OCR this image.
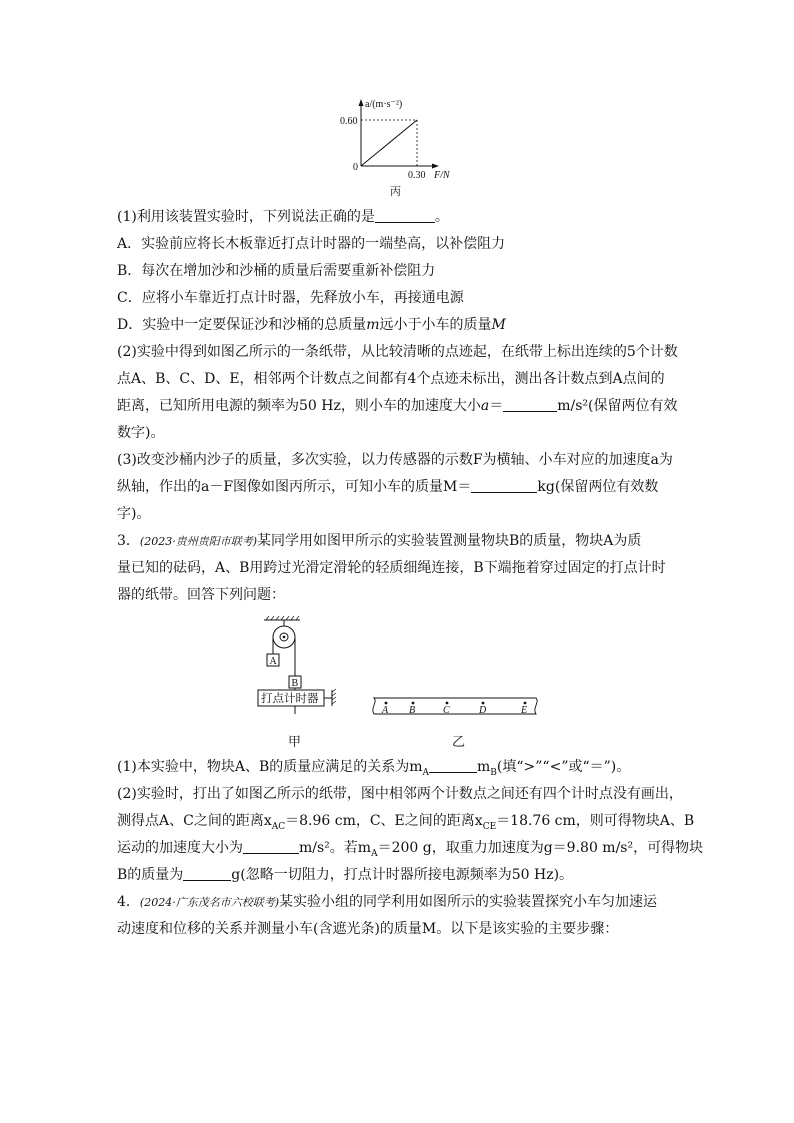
a/(m·s⁻²)
0.60
0
0.30 F/N
丙
(1)利用该装置实验时，下列说法正确的是	。
A．实验前应将长木板靠近打点计时器的一端垫高，以补偿阻力
B．每次在增加沙和沙桶的质量后需要重新补偿阻力
C．应将小车靠近打点计时器，先释放小车，再接通电源
D．实验中一定要保证沙和沙桶的总质量m远小于小车的质量M
(2)实验中得到如图乙所示的一条纸带，从比较清晰的点迹起，在纸带上标出连续的5个计数
点A、B、C、D、E，相邻两个计数点之间都有4个点迹未标出，测出各计数点到A点间的
距离，已知所用电源的频率为50 Hz，则小车的加速度大小a＝	m/s²(保留两位有效
数字)。
(3)改变沙桶内沙子的质量，多次实验，以力传感器的示数F为横轴、小车对应的加速度a为
纵轴，作出的a－F图像如图丙所示，可知小车的质量M＝	kg(保留两位有效数
字)。
3．(2023·贵州贵阳市联考)某同学用如图甲所示的实验装置测量物块B的质量，物块A为质
量已知的砝码，A、B用跨过光滑定滑轮的轻质细绳连接，B下端拖着穿过固定的打点计时
器的纸带。回答下列问题：
A
B
打点计时器
A B	C	D	E
甲	乙
(1)本实验中，物块A、B的质量应满足的关系为$m_A$	$m_B$(填“>”“<”或“＝”)。
(2)实验时，打出了如图乙所示的纸带，图中相邻两个计数点之间还有四个计时点没有画出，
测得点A、C之间的距离$x_{AC}=8.96$ cm，C、E之间的距离$x_{CE}=18.76$ cm，则可得物块A、B
运动的加速度大小为	m/s²。若$m_A=200$ g，取重力加速度为g＝9.80 m/s²，可得物块
B的质量为	g(忽略一切阻力，打点计时器所接电源频率为50 Hz)。
4．(2024·广东茂名市六校联考)某实验小组的同学利用如图所示的实验装置探究小车匀加速运
动速度和位移的关系并测量小车(含遮光条)的质量M。以下是该实验的主要步骤：
